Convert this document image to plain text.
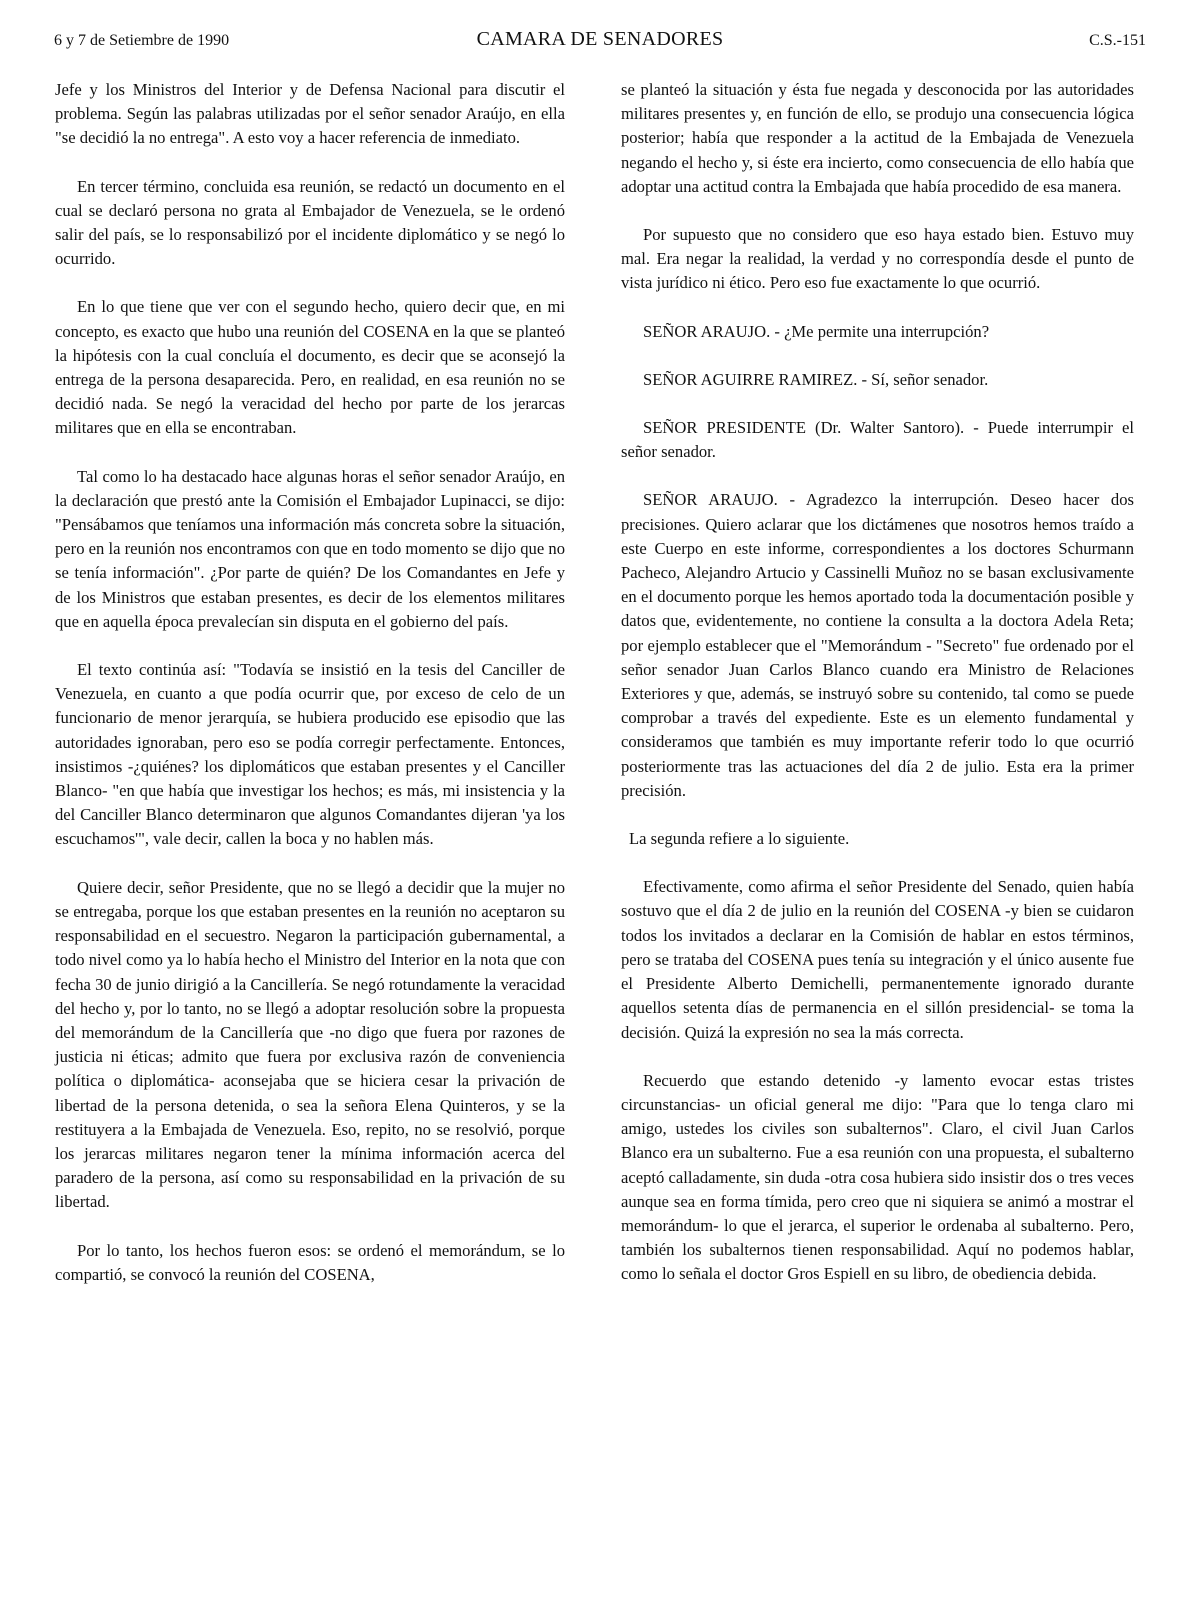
6 y 7 de Setiembre de 1990	CAMARA DE SENADORES	C.S.-151

Jefe y los Ministros del Interior y de Defensa Nacional para discutir el problema. Según las palabras utilizadas por el señor senador Araújo, en ella "se decidió la no entrega". A esto voy a hacer referencia de inmediato.

En tercer término, concluida esa reunión, se redactó un documento en el cual se declaró persona no grata al Embajador de Venezuela, se le ordenó salir del país, se lo responsabilizó por el incidente diplomático y se negó lo ocurrido.

En lo que tiene que ver con el segundo hecho, quiero decir que, en mi concepto, es exacto que hubo una reunión del COSENA en la que se planteó la hipótesis con la cual concluía el documento, es decir que se aconsejó la entrega de la persona desaparecida. Pero, en realidad, en esa reunión no se decidió nada. Se negó la veracidad del hecho por parte de los jerarcas militares que en ella se encontraban.

Tal como lo ha destacado hace algunas horas el señor senador Araújo, en la declaración que prestó ante la Comisión el Embajador Lupinacci, se dijo: "Pensábamos que teníamos una información más concreta sobre la situación, pero en la reunión nos encontramos con que en todo momento se dijo que no se tenía información". ¿Por parte de quién? De los Comandantes en Jefe y de los Ministros que estaban presentes, es decir de los elementos militares que en aquella época prevalecían sin disputa en el gobierno del país.

El texto continúa así: "Todavía se insistió en la tesis del Canciller de Venezuela, en cuanto a que podía ocurrir que, por exceso de celo de un funcionario de menor jerarquía, se hubiera producido ese episodio que las autoridades ignoraban, pero eso se podía corregir perfectamente. Entonces, insistimos -¿quiénes? los diplomáticos que estaban presentes y el Canciller Blanco- "en que había que investigar los hechos; es más, mi insistencia y la del Canciller Blanco determinaron que algunos Comandantes dijeran 'ya los escuchamos'", vale decir, callen la boca y no hablen más.

Quiere decir, señor Presidente, que no se llegó a decidir que la mujer no se entregaba, porque los que estaban presentes en la reunión no aceptaron su responsabilidad en el secuestro. Negaron la participación gubernamental, a todo nivel como ya lo había hecho el Ministro del Interior en la nota que con fecha 30 de junio dirigió a la Cancillería. Se negó rotundamente la veracidad del hecho y, por lo tanto, no se llegó a adoptar resolución sobre la propuesta del memorándum de la Cancillería que -no digo que fuera por razones de justicia ni éticas; admito que fuera por exclusiva razón de conveniencia política o diplomática- aconsejaba que se hiciera cesar la privación de libertad de la persona detenida, o sea la señora Elena Quinteros, y se la restituyera a la Embajada de Venezuela. Eso, repito, no se resolvió, porque los jerarcas militares negaron tener la mínima información acerca del paradero de la persona, así como su responsabilidad en la privación de su libertad.

Por lo tanto, los hechos fueron esos: se ordenó el memorándum, se lo compartió, se convocó la reunión del COSENA,

se planteó la situación y ésta fue negada y desconocida por las autoridades militares presentes y, en función de ello, se produjo una consecuencia lógica posterior; había que responder a la actitud de la Embajada de Venezuela negando el hecho y, si éste era incierto, como consecuencia de ello había que adoptar una actitud contra la Embajada que había procedido de esa manera.

Por supuesto que no considero que eso haya estado bien. Estuvo muy mal. Era negar la realidad, la verdad y no correspondía desde el punto de vista jurídico ni ético. Pero eso fue exactamente lo que ocurrió.

SEÑOR ARAUJO. - ¿Me permite una interrupción?

SEÑOR AGUIRRE RAMIREZ. - Sí, señor senador.

SEÑOR PRESIDENTE (Dr. Walter Santoro). - Puede interrumpir el señor senador.

SEÑOR ARAUJO. - Agradezco la interrupción. Deseo hacer dos precisiones. Quiero aclarar que los dictámenes que nosotros hemos traído a este Cuerpo en este informe, correspondientes a los doctores Schurmann Pacheco, Alejandro Artucio y Cassinelli Muñoz no se basan exclusivamente en el documento porque les hemos aportado toda la documentación posible y datos que, evidentemente, no contiene la consulta a la doctora Adela Reta; por ejemplo establecer que el "Memorándum - "Secreto" fue ordenado por el señor senador Juan Carlos Blanco cuando era Ministro de Relaciones Exteriores y que, además, se instruyó sobre su contenido, tal como se puede comprobar a través del expediente. Este es un elemento fundamental y consideramos que también es muy importante referir todo lo que ocurrió posteriormente tras las actuaciones del día 2 de julio. Esta era la primer precisión.

La segunda refiere a lo siguiente.

Efectivamente, como afirma el señor Presidente del Senado, quien había sostuvo que el día 2 de julio en la reunión del COSENA -y bien se cuidaron todos los invitados a declarar en la Comisión de hablar en estos términos, pero se trataba del COSENA pues tenía su integración y el único ausente fue el Presidente Alberto Demichelli, permanentemente ignorado durante aquellos setenta días de permanencia en el sillón presidencial- se toma la decisión. Quizá la expresión no sea la más correcta.

Recuerdo que estando detenido -y lamento evocar estas tristes circunstancias- un oficial general me dijo: "Para que lo tenga claro mi amigo, ustedes los civiles son subalternos". Claro, el civil Juan Carlos Blanco era un subalterno. Fue a esa reunión con una propuesta, el subalterno aceptó calladamente, sin duda -otra cosa hubiera sido insistir dos o tres veces aunque sea en forma tímida, pero creo que ni siquiera se animó a mostrar el memorándum- lo que el jerarca, el superior le ordenaba al subalterno. Pero, también los subalternos tienen responsabilidad. Aquí no podemos hablar, como lo señala el doctor Gros Espiell en su libro, de obediencia debida.
